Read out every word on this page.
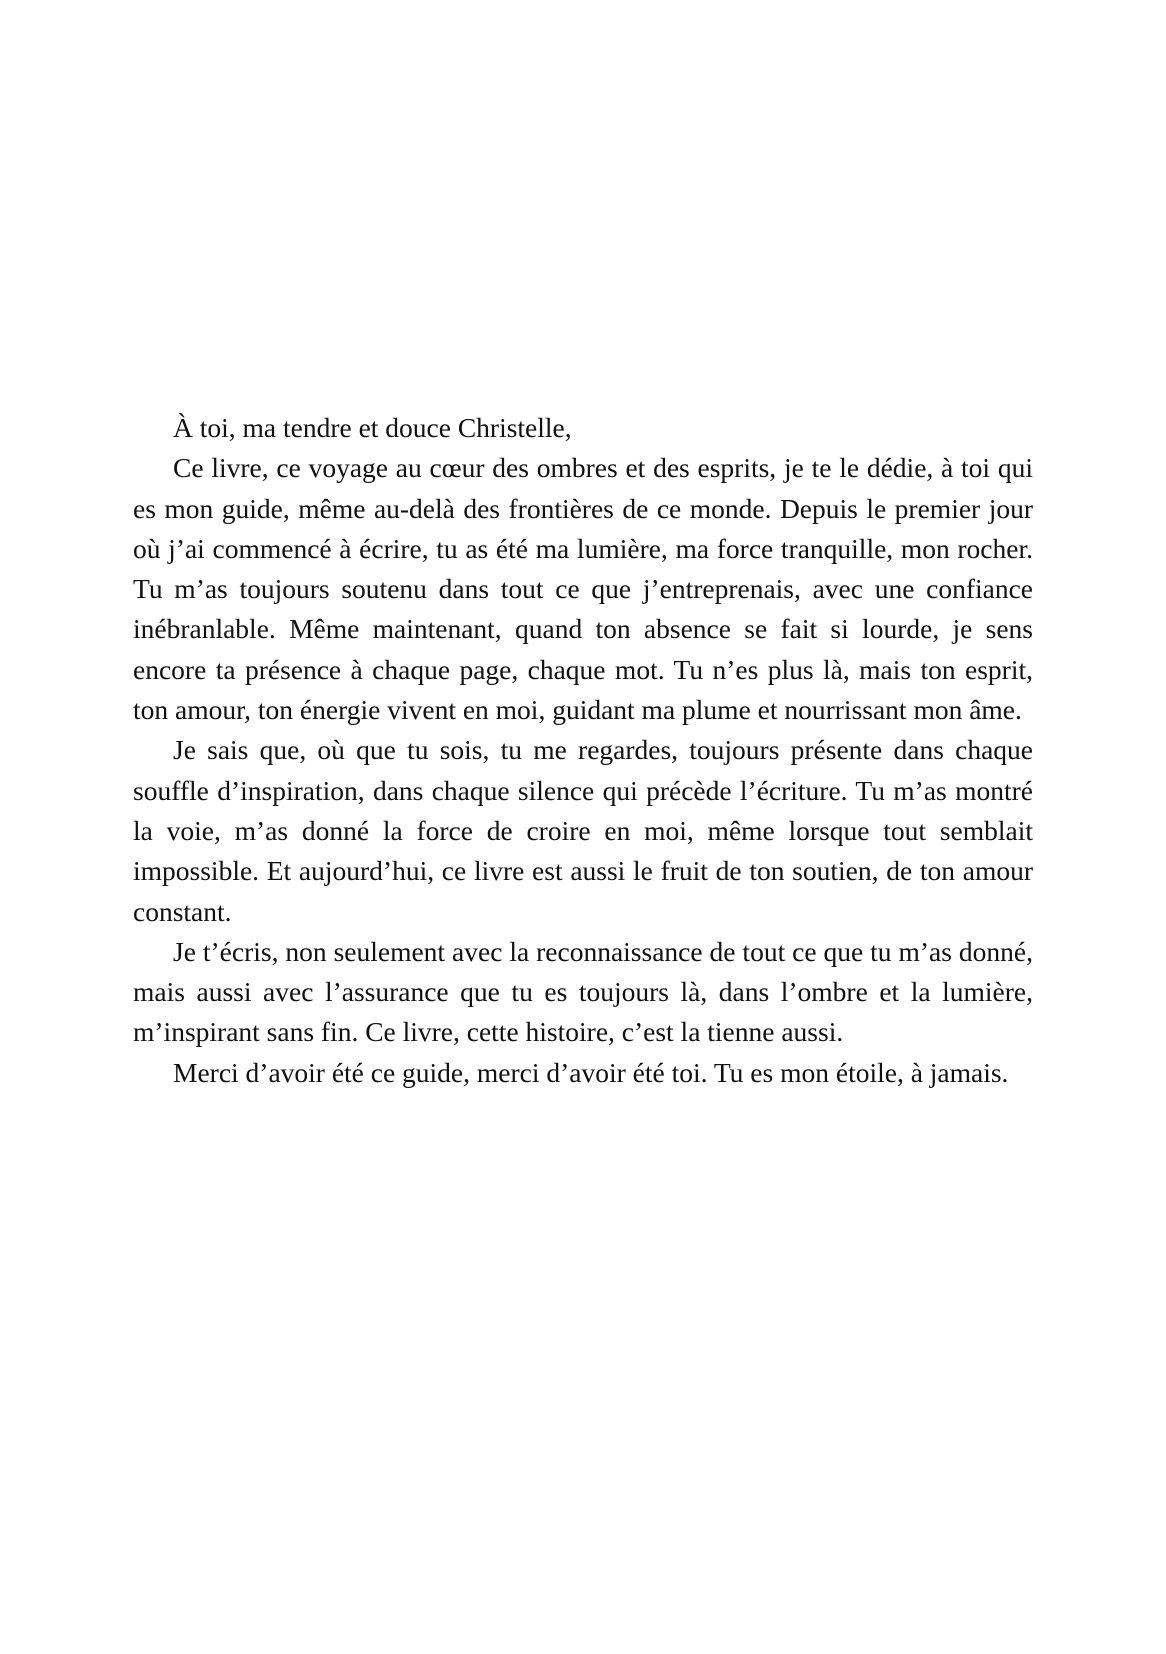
À toi, ma tendre et douce Christelle,

Ce livre, ce voyage au cœur des ombres et des esprits, je te le dédie, à toi qui es mon guide, même au-delà des frontières de ce monde. Depuis le premier jour où j’ai commencé à écrire, tu as été ma lumière, ma force tranquille, mon rocher. Tu m’as toujours soutenu dans tout ce que j’entreprenais, avec une confiance inébranlable. Même maintenant, quand ton absence se fait si lourde, je sens encore ta présence à chaque page, chaque mot. Tu n’es plus là, mais ton esprit, ton amour, ton énergie vivent en moi, guidant ma plume et nourrissant mon âme.

Je sais que, où que tu sois, tu me regardes, toujours présente dans chaque souffle d’inspiration, dans chaque silence qui précède l’écriture. Tu m’as montré la voie, m’as donné la force de croire en moi, même lorsque tout semblait impossible. Et aujourd’hui, ce livre est aussi le fruit de ton soutien, de ton amour constant.

Je t’écris, non seulement avec la reconnaissance de tout ce que tu m’as donné, mais aussi avec l’assurance que tu es toujours là, dans l’ombre et la lumière, m’inspirant sans fin. Ce livre, cette histoire, c’est la tienne aussi.

Merci d’avoir été ce guide, merci d’avoir été toi. Tu es mon étoile, à jamais.
